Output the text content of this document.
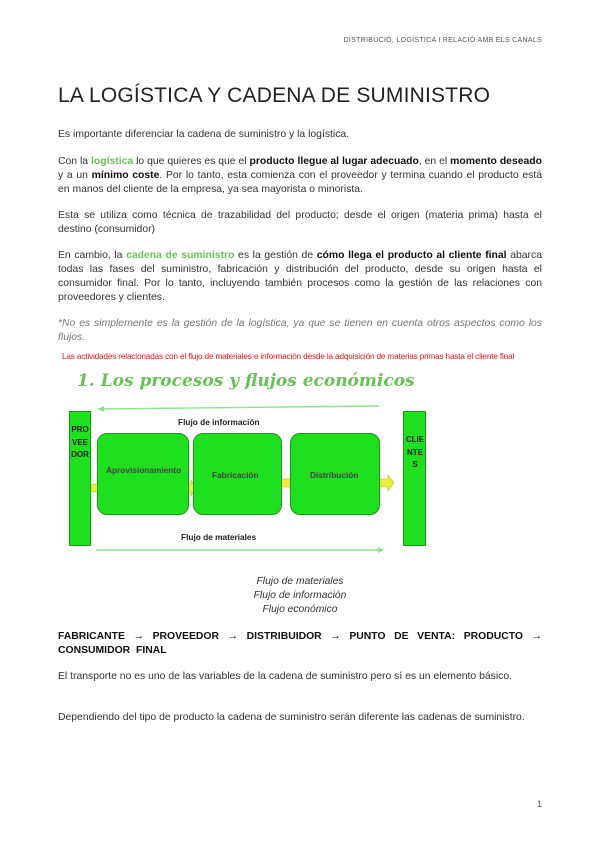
DISTRIBUCIÓ, LOGÍSTICA I RELACIÓ AMB ELS CANALS
LA LOGÍSTICA Y CADENA DE SUMINISTRO

Es importante diferenciar la cadena de suministro y la logística.

Con la logística lo que quieres es que el producto llegue al lugar adecuado, en el momento deseado y a un mínimo coste. Por lo tanto, esta comienza con el proveedor y termina cuando el producto está en manos del cliente de la empresa, ya sea mayorista o minorista.

Esta se utiliza como técnica de trazabilidad del producto; desde el origen (materia prima) hasta el destino (consumidor)

En cambio, la cadena de suministro es la gestión de cómo llega el producto al cliente final abarca todas las fases del suministro, fabricación y distribución del producto, desde su origen hasta el consumidor final. Por lo tanto, incluyendo también procesos como la gestión de las relaciones con proveedores y clientes.

*No es simplemente es la gestión de la logística, ya que se tienen en cuenta otros aspectos como los flujos.

Las actividades relacionadas con el flujo de materiales e información desde la adquisición de materias primas hasta el cliente final
1. Los procesos y flujos económicos
Flujo de información
Flujo de materiales
PROVEEDOR
Aprovisionamiento	Fabricación	Distribución
CLIENTES
Flujo de materiales
Flujo de información
Flujo económico

FABRICANTE → PROVEEDOR → DISTRIBUIDOR → PUNTO DE VENTA: PRODUCTO → CONSUMIDOR FINAL

El transporte no es uno de las variables de la cadena de suministro pero sí es un elemento básico.

Dependiendo del tipo de producto la cadena de suministro serán diferente las cadenas de suministro.

1
